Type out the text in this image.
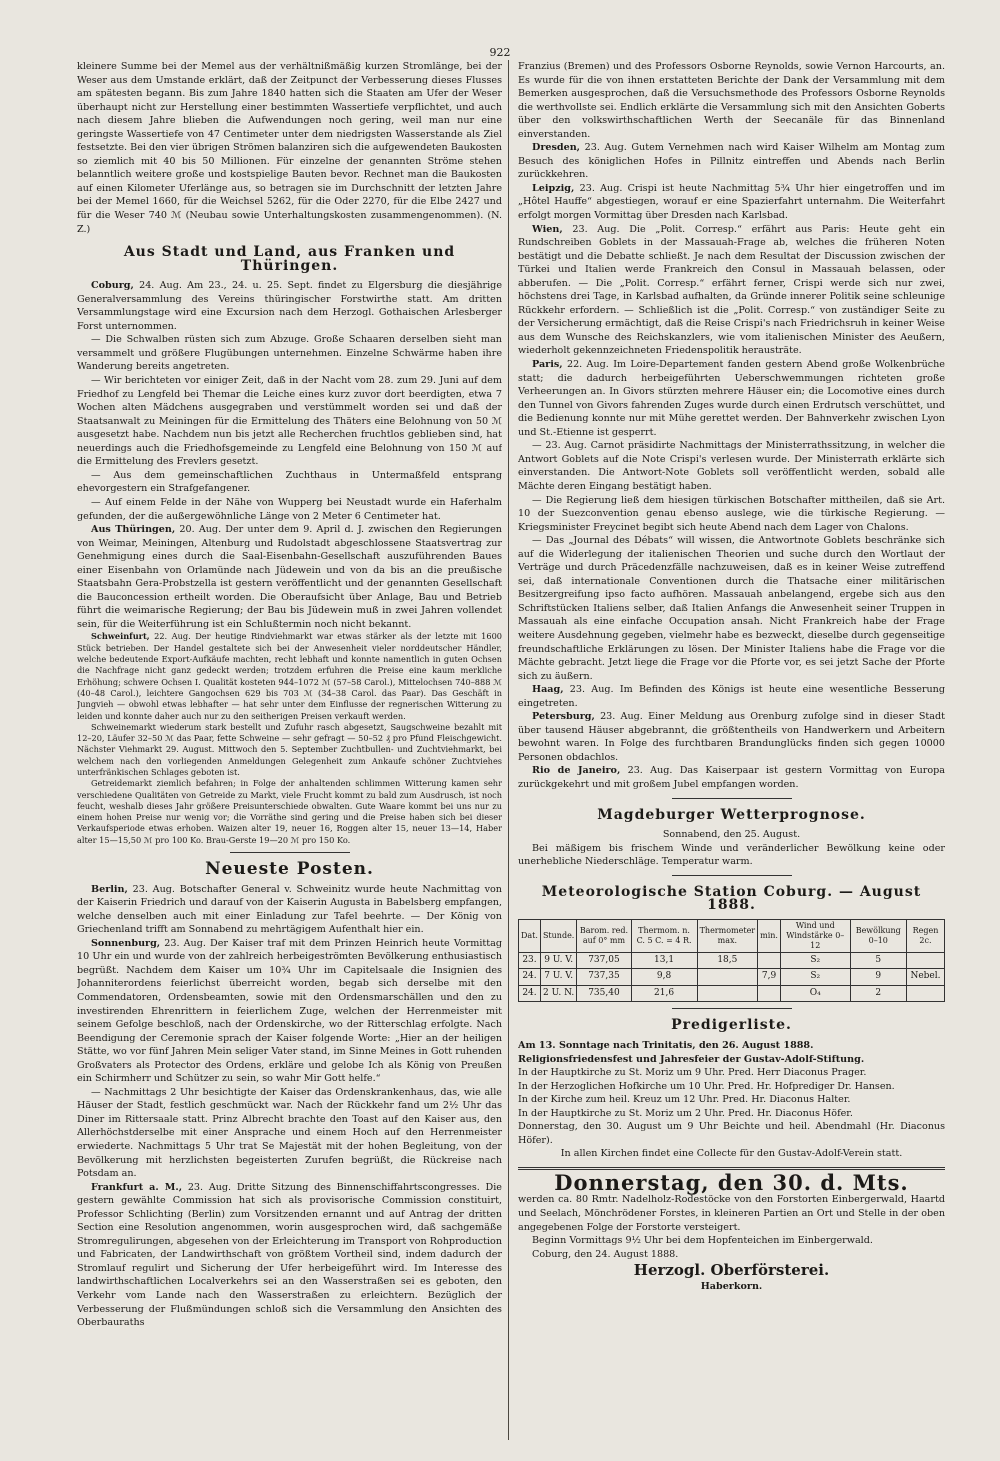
922

kleinere Summe bei der Memel aus der verhältnißmäßig kurzen Stromlänge, bei der Weser aus dem Umstande erklärt, daß der Zeitpunct der Verbesserung dieses Flusses am spätesten begann. Bis zum Jahre 1840 hatten sich die Staaten am Ufer der Weser überhaupt nicht zur Herstellung einer bestimmten Wassertiefe verpflichtet, und auch nach diesem Jahre blieben die Aufwendungen noch gering, weil man nur eine geringste Wassertiefe von 47 Centimeter unter dem niedrigsten Wasserstande als Ziel festsetzte. Bei den vier übrigen Strömen balanziren sich die aufgewendeten Baukosten so ziemlich mit 40 bis 50 Millionen. Für einzelne der genannten Ströme stehen belanntlich weitere große und kostspielige Bauten bevor. Rechnet man die Baukosten auf einen Kilometer Uferlänge aus, so betragen sie im Durchschnitt der letzten Jahre bei der Memel 1660, für die Weichsel 5262, für die Oder 2270, für die Elbe 2427 und für die Weser 740 ℳ (Neubau sowie Unterhaltungskosten zusammengenommen). (N. Z.)

Aus Stadt und Land, aus Franken und Thüringen.

Coburg, 24. Aug. Am 23., 24. u. 25. Sept. findet zu Elgersburg die diesjährige Generalversammlung des Vereins thüringischer Forstwirthe statt. Am dritten Versammlungstage wird eine Excursion nach dem Herzogl. Gothaischen Arlesberger Forst unternommen.

— Die Schwalben rüsten sich zum Abzuge. Große Schaaren derselben sieht man versammelt und größere Flugübungen unternehmen. Einzelne Schwärme haben ihre Wanderung bereits angetreten.

— Wir berichteten vor einiger Zeit, daß in der Nacht vom 28. zum 29. Juni auf dem Friedhof zu Lengfeld bei Themar die Leiche eines kurz zuvor dort beerdigten, etwa 7 Wochen alten Mädchens ausgegraben und verstümmelt worden sei und daß der Staatsanwalt zu Meiningen für die Ermittelung des Thäters eine Belohnung von 50 ℳ ausgesetzt habe. Nachdem nun bis jetzt alle Recherchen fruchtlos geblieben sind, hat neuerdings auch die Friedhofsgemeinde zu Lengfeld eine Belohnung von 150 ℳ auf die Ermittelung des Frevlers gesetzt.

— Aus dem gemeinschaftlichen Zuchthaus in Untermaßfeld entsprang ehevorgestern ein Strafgefangener.

— Auf einem Felde in der Nähe von Wupperg bei Neustadt wurde ein Haferhalm gefunden, der die außergewöhnliche Länge von 2 Meter 6 Centimeter hat.

Aus Thüringen, 20. Aug. Der unter dem 9. April d. J. zwischen den Regierungen von Weimar, Meiningen, Altenburg und Rudolstadt abgeschlossene Staatsvertrag zur Genehmigung eines durch die Saal-Eisenbahn-Gesellschaft auszuführenden Baues einer Eisenbahn von Orlamünde nach Jüdewein und von da bis an die preußische Staatsbahn Gera-Probstzella ist gestern veröffentlicht und der genannten Gesellschaft die Bauconcession ertheilt worden. Die Oberaufsicht über Anlage, Bau und Betrieb führt die weimarische Regierung; der Bau bis Jüdewein muß in zwei Jahren vollendet sein, für die Weiterführung ist ein Schlußtermin noch nicht bekannt.

Schweinfurt, 22. Aug. Der heutige Rindviehmarkt war etwas stärker als der letzte mit 1600 Stück betrieben. Der Handel gestaltete sich bei der Anwesenheit vieler norddeutscher Händler, welche bedeutende Export-Aufkäufe machten, recht lebhaft und konnte namentlich in guten Ochsen die Nachfrage nicht ganz gedeckt werden; trotzdem erfuhren die Preise eine kaum merkliche Erhöhung; schwere Ochsen I. Qualität kosteten 944–1072 ℳ (57–58 Carol.), Mittelochsen 740–888 ℳ (40–48 Carol.), leichtere Gangochsen 629 bis 703 ℳ (34–38 Carol. das Paar). Das Geschäft in Jungvieh — obwohl etwas lebhafter — hat sehr unter dem Einflusse der regnerischen Witterung zu leiden und konnte daher auch nur zu den seitherigen Preisen verkauft werden.

Schweinemarkt wiederum stark bestellt und Zufuhr rasch abgesetzt, Saugschweine bezahlt mit 12–20, Läufer 32–50 ℳ das Paar, fette Schweine — sehr gefragt — 50–52 ₰ pro Pfund Fleischgewicht. Nächster Viehmarkt 29. August. Mittwoch den 5. September Zuchtbullen- und Zuchtviehmarkt, bei welchem nach den vorliegenden Anmeldungen Gelegenheit zum Ankaufe schöner Zuchtviehes unterfränkischen Schlages geboten ist.

Getreidemarkt ziemlich befahren; in Folge der anhaltenden schlimmen Witterung kamen sehr verschiedene Qualitäten von Getreide zu Markt, viele Frucht kommt zu bald zum Ausdrusch, ist noch feucht, weshalb dieses Jahr größere Preisunterschiede obwalten. Gute Waare kommt bei uns nur zu einem hohen Preise nur wenig vor; die Vorräthe sind gering und die Preise haben sich bei dieser Verkaufsperiode etwas erhoben. Waizen alter 19, neuer 16, Roggen alter 15, neuer 13—14, Haber alter 15—15,50 ℳ pro 100 Ko. Brau-Gerste 19—20 ℳ pro 150 Ko.

Neueste Posten.

Berlin, 23. Aug. Botschafter General v. Schweinitz wurde heute Nachmittag von der Kaiserin Friedrich und darauf von der Kaiserin Augusta in Babelsberg empfangen, welche denselben auch mit einer Einladung zur Tafel beehrte. — Der König von Griechenland trifft am Sonnabend zu mehrtägigem Aufenthalt hier ein.

Sonnenburg, 23. Aug. Der Kaiser traf mit dem Prinzen Heinrich heute Vormittag 10 Uhr ein und wurde von der zahlreich herbeigeströmten Bevölkerung enthusiastisch begrüßt. Nachdem dem Kaiser um 10¾ Uhr im Capitelsaale die Insignien des Johanniterordens feierlichst überreicht worden, begab sich derselbe mit den Commendatoren, Ordensbeamten, sowie mit den Ordensmarschällen und den zu investirenden Ehrenrittern in feierlichem Zuge, welchen der Herrenmeister mit seinem Gefolge beschloß, nach der Ordenskirche, wo der Ritterschlag erfolgte. Nach Beendigung der Ceremonie sprach der Kaiser folgende Worte: „Hier an der heiligen Stätte, wo vor fünf Jahren Mein seliger Vater stand, im Sinne Meines in Gott ruhenden Großvaters als Protector des Ordens, erkläre und gelobe Ich als König von Preußen ein Schirmherr und Schützer zu sein, so wahr Mir Gott helfe.“

— Nachmittags 2 Uhr besichtigte der Kaiser das Ordenskrankenhaus, das, wie alle Häuser der Stadt, festlich geschmückt war. Nach der Rückkehr fand um 2½ Uhr das Diner im Rittersaale statt. Prinz Albrecht brachte den Toast auf den Kaiser aus, den Allerhöchstderselbe mit einer Ansprache und einem Hoch auf den Herrenmeister erwiederte. Nachmittags 5 Uhr trat Se Majestät mit der hohen Begleitung, von der Bevölkerung mit herzlichsten begeisterten Zurufen begrüßt, die Rückreise nach Potsdam an.

Frankfurt a. M., 23. Aug. Dritte Sitzung des Binnenschiffahrtscongresses. Die gestern gewählte Commission hat sich als provisorische Commission constituirt, Professor Schlichting (Berlin) zum Vorsitzenden ernannt und auf Antrag der dritten Section eine Resolution angenommen, worin ausgesprochen wird, daß sachgemäße Stromregulirungen, abgesehen von der Erleichterung im Transport von Rohproduction und Fabricaten, der Landwirthschaft von größtem Vortheil sind, indem dadurch der Stromlauf regulirt und Sicherung der Ufer herbeigeführt wird. Im Interesse des landwirthschaftlichen Localverkehrs sei an den Wasserstraßen sei es geboten, den Verkehr vom Lande nach den Wasserstraßen zu erleichtern. Bezüglich der Verbesserung der Flußmündungen schloß sich die Versammlung den Ansichten des Oberbauraths

Franzius (Bremen) und des Professors Osborne Reynolds, sowie Vernon Harcourts, an. Es wurde für die von ihnen erstatteten Berichte der Dank der Versammlung mit dem Bemerken ausgesprochen, daß die Versuchsmethode des Professors Osborne Reynolds die werthvollste sei. Endlich erklärte die Versammlung sich mit den Ansichten Goberts über den volkswirthschaftlichen Werth der Seecanäle für das Binnenland einverstanden.

Dresden, 23. Aug. Gutem Vernehmen nach wird Kaiser Wilhelm am Montag zum Besuch des königlichen Hofes in Pillnitz eintreffen und Abends nach Berlin zurückkehren.

Leipzig, 23. Aug. Crispi ist heute Nachmittag 5¾ Uhr hier eingetroffen und im „Hôtel Hauffe“ abgestiegen, worauf er eine Spazierfahrt unternahm. Die Weiterfahrt erfolgt morgen Vormittag über Dresden nach Karlsbad.

Wien, 23. Aug. Die „Polit. Corresp.“ erfährt aus Paris: Heute geht ein Rundschreiben Goblets in der Massauah-Frage ab, welches die früheren Noten bestätigt und die Debatte schließt. Je nach dem Resultat der Discussion zwischen der Türkei und Italien werde Frankreich den Consul in Massauah belassen, oder abberufen. — Die „Polit. Corresp.“ erfährt ferner, Crispi werde sich nur zwei, höchstens drei Tage, in Karlsbad aufhalten, da Gründe innerer Politik seine schleunige Rückkehr erfordern. — Schließlich ist die „Polit. Corresp.“ von zuständiger Seite zu der Versicherung ermächtigt, daß die Reise Crispi's nach Friedrichsruh in keiner Weise aus dem Wunsche des Reichskanzlers, wie vom italienischen Minister des Aeußern, wiederholt gekennzeichneten Friedenspolitik herausträte.

Paris, 22. Aug. Im Loire-Departement fanden gestern Abend große Wolkenbrüche statt; die dadurch herbeigeführten Ueberschwemmungen richteten große Verheerungen an. In Givors stürzten mehrere Häuser ein; die Locomotive eines durch den Tunnel von Givors fahrenden Zuges wurde durch einen Erdrutsch verschüttet, und die Bedienung konnte nur mit Mühe gerettet werden. Der Bahnverkehr zwischen Lyon und St.-Etienne ist gesperrt.

— 23. Aug. Carnot präsidirte Nachmittags der Ministerrathssitzung, in welcher die Antwort Goblets auf die Note Crispi's verlesen wurde. Der Ministerrath erklärte sich einverstanden. Die Antwort-Note Goblets soll veröffentlicht werden, sobald alle Mächte deren Eingang bestätigt haben.

— Die Regierung ließ dem hiesigen türkischen Botschafter mittheilen, daß sie Art. 10 der Suezconvention genau ebenso auslege, wie die türkische Regierung. — Kriegsminister Freycinet begibt sich heute Abend nach dem Lager von Chalons.

— Das „Journal des Débats“ will wissen, die Antwortnote Goblets beschränke sich auf die Widerlegung der italienischen Theorien und suche durch den Wortlaut der Verträge und durch Präcedenzfälle nachzuweisen, daß es in keiner Weise zutreffend sei, daß internationale Conventionen durch die Thatsache einer militärischen Besitzergreifung ipso facto aufhören. Massauah anbelangend, ergebe sich aus den Schriftstücken Italiens selber, daß Italien Anfangs die Anwesenheit seiner Truppen in Massauah als eine einfache Occupation ansah. Nicht Frankreich habe der Frage weitere Ausdehnung gegeben, vielmehr habe es bezweckt, dieselbe durch gegenseitige freundschaftliche Erklärungen zu lösen. Der Minister Italiens habe die Frage vor die Mächte gebracht. Jetzt liege die Frage vor die Pforte vor, es sei jetzt Sache der Pforte sich zu äußern.

Haag, 23. Aug. Im Befinden des Königs ist heute eine wesentliche Besserung eingetreten.

Petersburg, 23. Aug. Einer Meldung aus Orenburg zufolge sind in dieser Stadt über tausend Häuser abgebrannt, die größtentheils von Handwerkern und Arbeitern bewohnt waren. In Folge des furchtbaren Brandunglücks finden sich gegen 10000 Personen obdachlos.

Rio de Janeiro, 23. Aug. Das Kaiserpaar ist gestern Vormittag von Europa zurückgekehrt und mit großem Jubel empfangen worden.

Magdeburger Wetterprognose.

Sonnabend, den 25. August.

Bei mäßigem bis frischem Winde und veränderlicher Bewölkung keine oder unerhebliche Niederschläge. Temperatur warm.

Meteorologische Station Coburg. — August 1888.
Dat.	Stunde.	Barom. red. auf 0° mm	Thermom. n. C. 5 C. = 4 R.	Thermometer
max.	min.	Wind und Windstärke 0–12	Bewölkung 0–10	Regen 2c.
23.	9 U. V.	737,05	13,1	18,5		S₂	5	
24.	7 U. V.	737,35	9,8		7,9	S₂	9	Nebel.
24.	2 U. N.	735,40	21,6			O₄	2	
Predigerliste.

Am 13. Sonntage nach Trinitatis, den 26. August 1888.

Religionsfriedensfest und Jahresfeier der Gustav-Adolf-Stiftung.

In der Hauptkirche zu St. Moriz um 9 Uhr. Pred. Herr Diaconus Prager.

In der Herzoglichen Hofkirche um 10 Uhr. Pred. Hr. Hofprediger Dr. Hansen.

In der Kirche zum heil. Kreuz um 12 Uhr. Pred. Hr. Diaconus Halter.

In der Hauptkirche zu St. Moriz um 2 Uhr. Pred. Hr. Diaconus Höfer.

Donnerstag, den 30. August um 9 Uhr Beichte und heil. Abendmahl (Hr. Diaconus Höfer).

In allen Kirchen findet eine Collecte für den Gustav-Adolf-Verein statt.

Donnerstag, den 30. d. Mts.

werden ca. 80 Rmtr. Nadelholz-Rodestöcke von den Forstorten Einbergerwald, Haartd und Seelach, Mönchrödener Forstes, in kleineren Partien an Ort und Stelle in der oben angegebenen Folge der Forstorte versteigert.

Beginn Vormittags 9½ Uhr bei dem Hopfenteichen im Einbergerwald.

Coburg, den 24. August 1888.

Herzogl. Oberförsterei.

Haberkorn.
